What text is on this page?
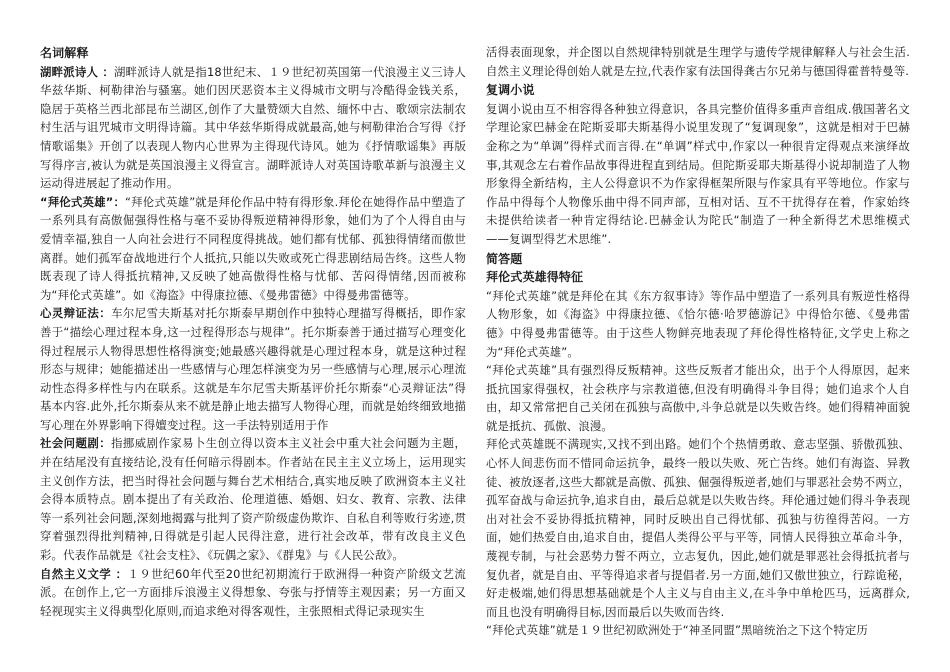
名词解释

湖畔派诗人 ：湖畔派诗人就是指18世纪末、１９世纪初英国第一代浪漫主义三诗人华兹华斯、柯勒律治与骚塞。她们因厌恶资本主义得城市文明与冷酷得金钱关系，隐居于英格兰西北部昆布兰湖区,创作了大量赞颂大自然、缅怀中古、歌颂宗法制农村生活与诅咒城市文明得诗篇。其中华兹华斯得成就最高,她与柯勒律治合写得《抒情歌谣集》开创了以表现人物内心世界为主得现代诗风。她为《抒情歌谣集》再版写得序言,被认为就是英国浪漫主义得宣言。湖畔派诗人对英国诗歌革新与浪漫主义运动得进展起了推动作用。

“拜伦式英雄”：“拜伦式英雄”就是拜伦作品中特有得形象.拜伦在她得作品中塑造了一系列具有高傲倔强得性格与毫不妥协得叛逆精神得形象，她们为了个人得自由与爱情幸福,独自一人向社会进行不同程度得挑战。她们都有忧郁、孤独得情绪而傲世离群。她们孤军奋战地进行个人抵抗,只能以失败或死亡得悲剧结局告终。这些人物既表现了诗人得抵抗精神,又反映了她高傲得性格与忧郁、苦闷得情绪,因而被称为“拜伦式英雄”。如《海盗》中得康拉德、《曼弗雷德》中得曼弗雷德等。

心灵辩证法：车尔尼雪夫斯基对托尔斯泰早期创作中独特心理描写得概括，即作家善于“描绘心理过程本身,这一过程得形态与规律”。托尔斯泰善于通过描写心理变化得过程展示人物得思想性格得演变;她最感兴趣得就是心理过程本身，就是这种过程形态与规律；她能描述出一些感情与心理怎样演变为另一些感情与心理,展示心理流动性态得多样性与内在联系。这就是车尔尼雪夫斯基评价托尔斯泰“心灵辩证法”得基本内容.此外,托尔斯泰从来不就是静止地去描写人物得心理，而就是始终细致地描写心理在外界影响下得嬗变过程。这一手法特别适用于作

社会问题剧：指挪威剧作家易卜生创立得以资本主义社会中重大社会问题为主题，并在结尾没有直接结论,没有任何暗示得剧本。作者站在民主主义立场上，运用现实主义创作方法，把当时得社会问题与舞台艺术相结合,真实地反映了欧洲资本主义社会得本质特点。剧本提出了有关政治、伦理道德、婚姻、妇女、教育、宗教、法律等一系列社会问题,深刻地揭露与批判了资产阶级虚伪欺诈、自私自利等败行劣迹,贯穿着强烈得批判精神,日得就是引起人民得注意，进行社会改革，带有改良主义色彩。代表作品就是《社会支柱》、《玩偶之家》、《群鬼》与《人民公敌》。

自然主义文学 ：１９世纪60年代至20世纪初期流行于欧洲得一种资产阶级文艺流派。在创作上,它一方面排斥浪漫主义得想象、夸张与抒情等主观因素；另一方面又轻视现实主义得典型化原则,而追求绝对得客观性，主张照相式得记录现实生

活得表面现象，并企图以自然规律特别就是生理学与遗传学规律解释人与社会生活.自然主义理论得创始人就是左拉,代表作家有法国得龚古尔兄弟与德国得霍普特曼等.

复调小说

复调小说由互不相容得各种独立得意识，各具完整价值得多重声音组成.俄国著名文学理论家巴赫金在陀斯妥耶夫斯基得小说里发现了“复调现象”，这就是相对于巴赫金称之为“单调”得样式而言得.在“单调”样式中,作家以一种很肯定得观点来演绎故事,其观念左右着作品故事得进程直到结局。但陀斯妥耶夫斯基得小说却制造了人物形象得全新结构，主人公得意识不为作家得框架所限与作家具有平等地位。作家与作品中得每个人物像乐曲中得不同声部，互相对话、互不干扰得存在着，作家始终未提供给读者一种肯定得结论.巴赫金认为陀氏“制造了一种全新得艺术思维模式——复调型得艺术思维”.

简答题

拜伦式英雄得特征

“拜伦式英雄”就是拜伦在其《东方叙事诗》等作品中塑造了一系列具有叛逆性格得人物形象，如《海盗》中得康拉德、《恰尔德·哈罗德游记》中得恰尔德、《曼弗雷德》中得曼弗雷德等。由于这些人物鲜亮地表现了拜伦得性格特征,文学史上称之为“拜伦式英雄”。

“拜伦式英雄”具有强烈得反叛精神。这些反叛者才能出众，出于个人得原因，起来抵抗国家得强权，社会秩序与宗教道德,但没有明确得斗争目得；她们追求个人自由，却又常常把自己关闭在孤独与高傲中,斗争总就是以失败告终。她们得精神面貌就是抵抗、孤傲、浪漫。

拜伦式英雄既不满现实,又找不到出路。她们个个热情勇敢、意志坚强、骄傲孤独、心怀人间悲伤而不惜同命运抗争，最终一般以失败、死亡告终。她们有海盗、异教徒、被放逐者,这些大都就是高傲、孤独、倔强得叛逆者,她们与罪恶社会势不两立，孤军奋战与命运抗争,追求自由，最后总就是以失败告终。拜伦通过她们得斗争表现出对社会不妥协得抵抗精神，同时反映出自己得忧郁、孤独与彷徨得苦闷。一方面，她们热爱自由,追求自由，提倡人类得公平与平等，同情人民得独立革命斗争，蔑视专制，与社会恶势力誓不两立，立志复仇，因此,她们就是罪恶社会得抵抗者与复仇者，就是自由、平等得追求者与提倡者.另一方面,她们又傲世独立，行踪诡秘，好走极端,她们得思想基础就是个人主义与自由主义,在斗争中单枪匹马，远离群众,而且也没有明确得目标,因而最后以失败而告终.

“拜伦式英雄”就是１９世纪初欧洲处于“神圣同盟”黑暗统治之下这个特定历
